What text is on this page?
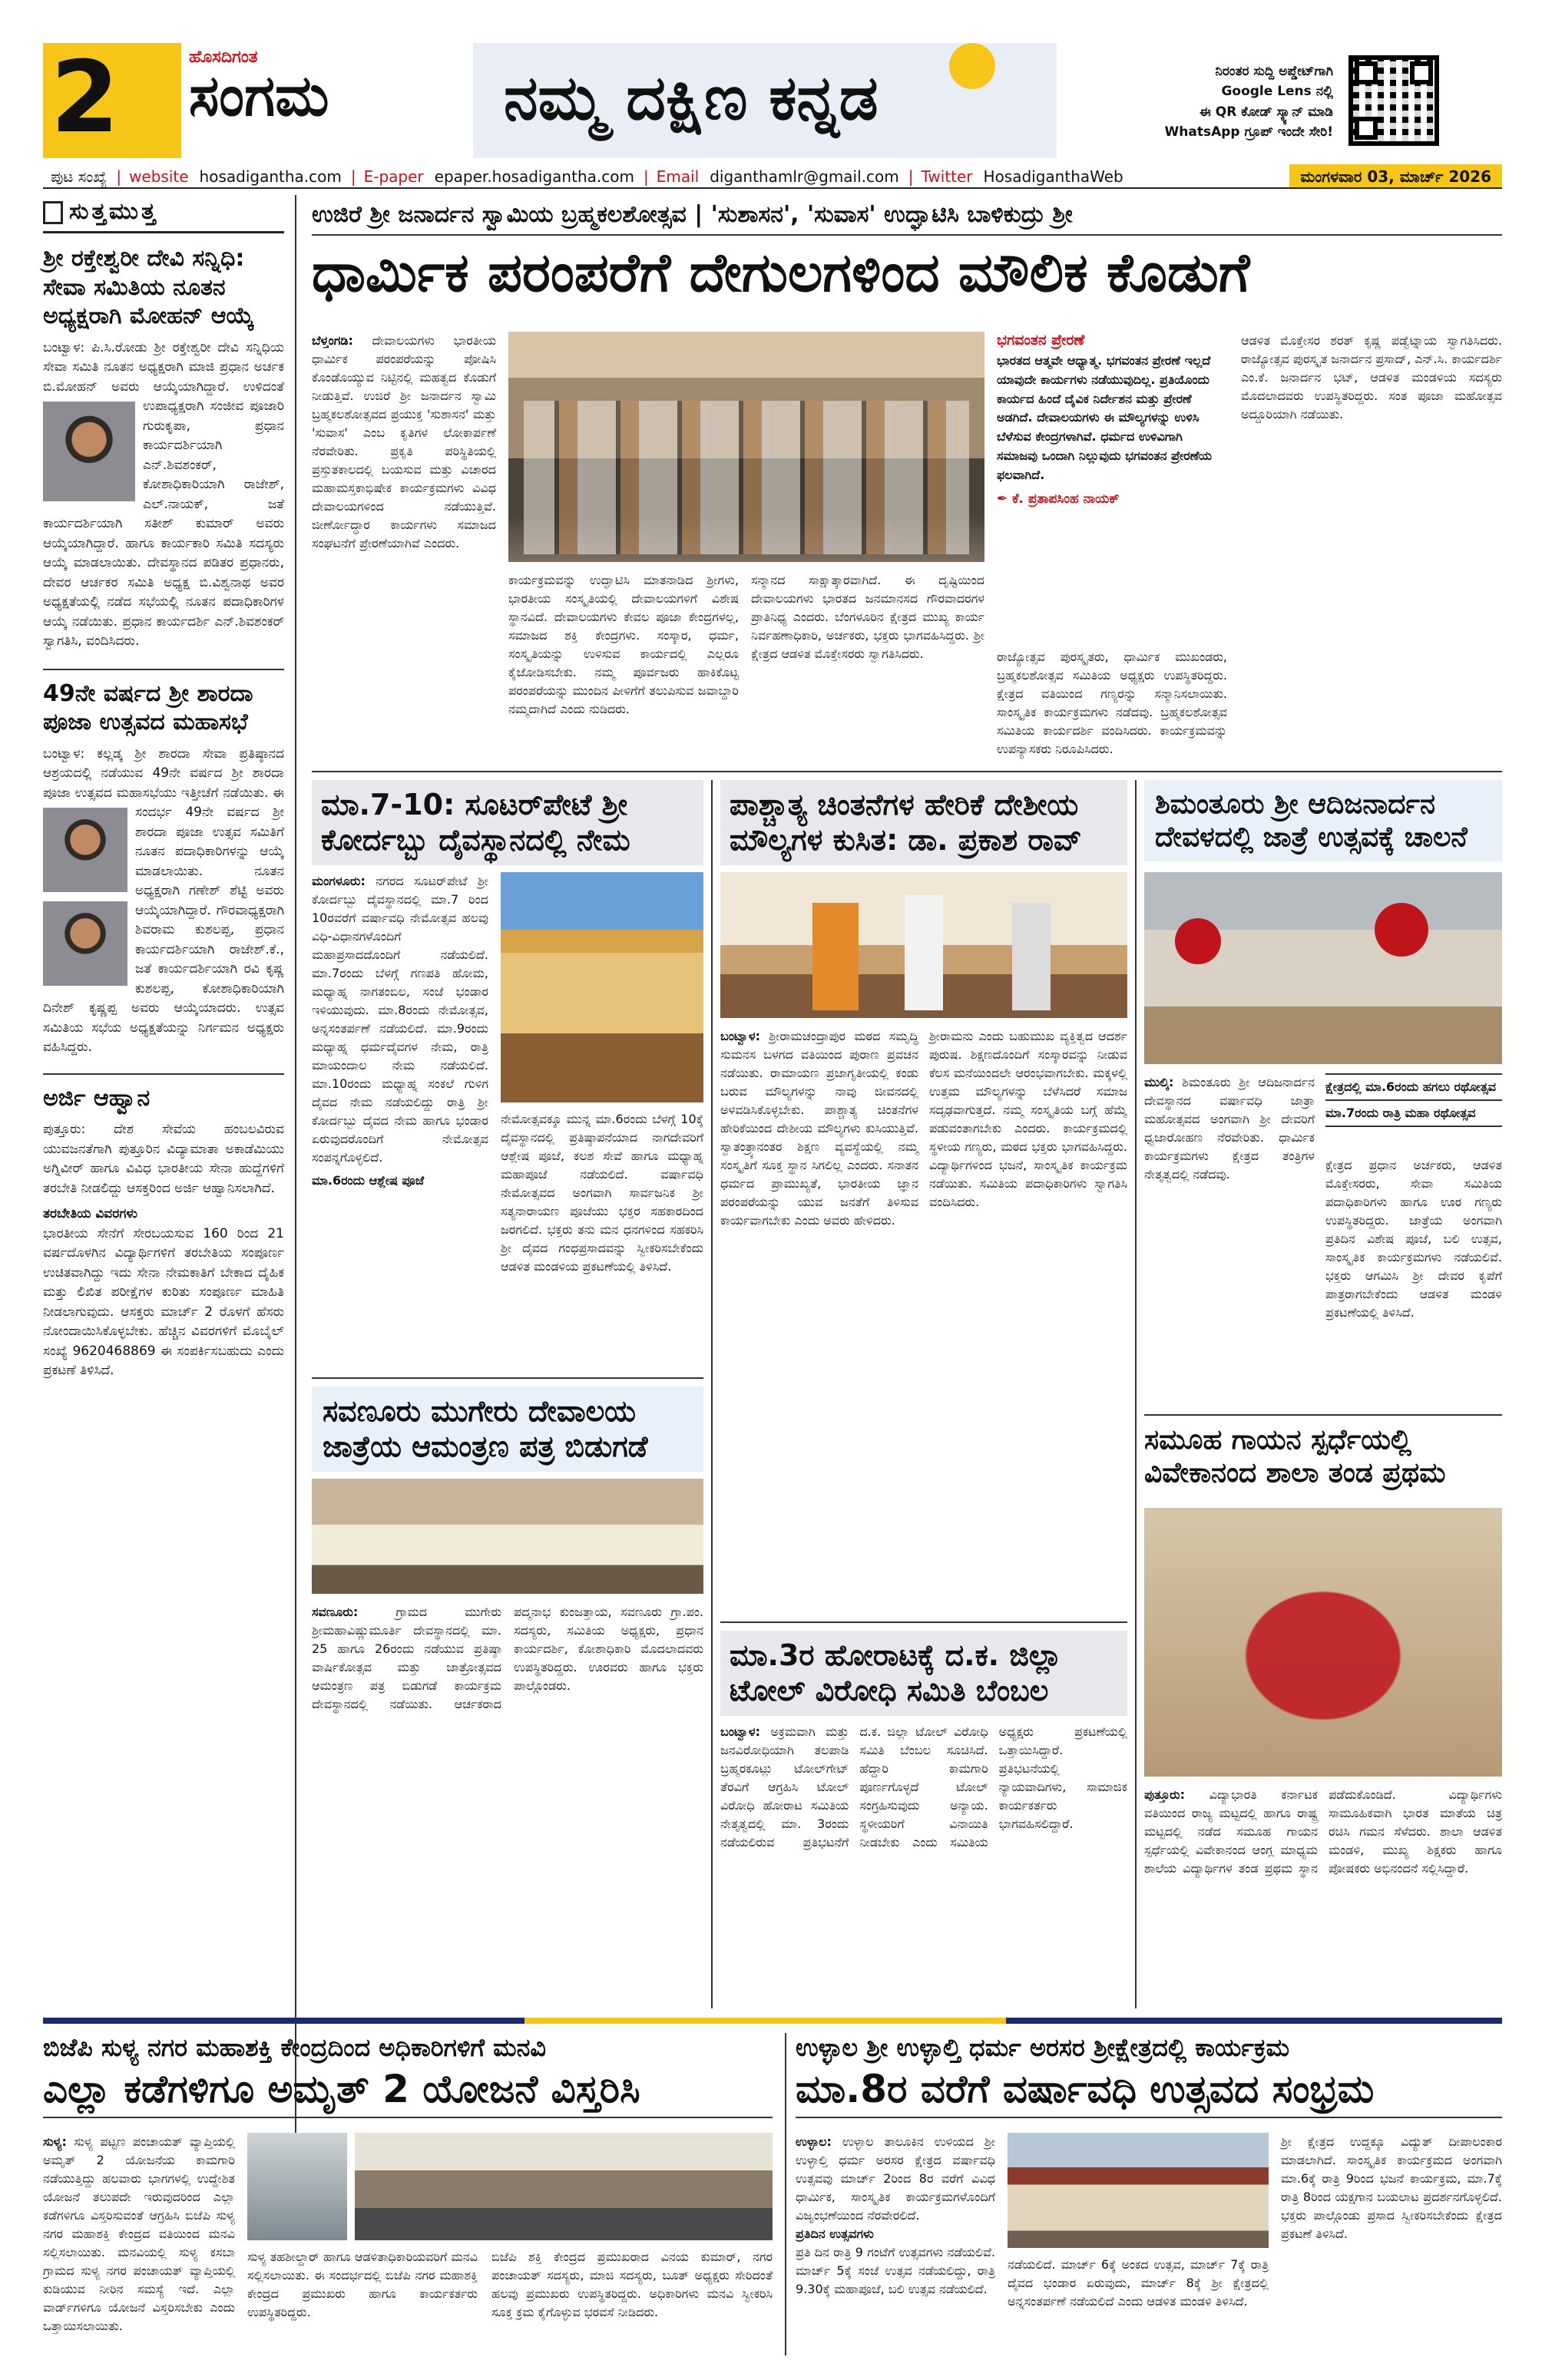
2	ಹೊಸದಿಗಂತ
ಸಂಗಮ	ನಮ್ಮ ದಕ್ಷಿಣ ಕನ್ನಡ	ನಿರಂತರ ಸುದ್ದಿ ಅಪ್ಡೇಟ್‌ಗಾಗಿ
Google Lens ನಲ್ಲಿ
ಈ QR ಕೋಡ್ ಸ್ಕ್ಯಾನ್ ಮಾಡಿ
WhatsApp ಗ್ರೂಪ್ ಇಂದೇ ಸೇರಿ!
ಪುಟ ಸಂಖ್ಯೆ | website hosadigantha.com | E-paper epaper.hosadigantha.com | Email diganthamlr@gmail.com | Twitter HosadiganthaWeb	ಮಂಗಳವಾರ 03, ಮಾರ್ಚ್ 2026
ಸುತ್ತಮುತ್ತ
ಶ್ರೀ ರಕ್ತೇಶ್ವರೀ ದೇವಿ ಸನ್ನಿಧಿ: ಸೇವಾ ಸಮಿತಿಯ ನೂತನ ಅಧ್ಯಕ್ಷರಾಗಿ ಮೋಹನ್ ಆಯ್ಕೆ
ಬಂಟ್ವಾಳ: ಪಿ.ಸಿ.ರೋಡು ಶ್ರೀ ರಕ್ತೇಶ್ವರೀ ದೇವಿ ಸನ್ನಿಧಿಯ ಸೇವಾ ಸಮಿತಿ ನೂತನ ಅಧ್ಯಕ್ಷರಾಗಿ ಮಾಜಿ ಪ್ರಧಾನ ಅರ್ಚಕ ಬಿ.ಮೋಹನ್ ಅವರು ಆಯ್ಕೆಯಾಗಿದ್ದಾರೆ. ಉಳಿದಂತೆ ಉಪಾಧ್ಯಕ್ಷರಾಗಿ ಸಂಜೀವ ಪೂಜಾರಿ ಗುರುಕೃಪಾ, ಪ್ರಧಾನ ಕಾರ್ಯದರ್ಶಿಯಾಗಿ ಎನ್.ಶಿವಶಂಕರ್, ಕೋಶಾಧಿಕಾರಿಯಾಗಿ ರಾಜೇಶ್, ಎಲ್.ನಾಯಕ್, ಜತೆ ಕಾರ್ಯದರ್ಶಿಯಾಗಿ ಸತೀಶ್ ಕುಮಾರ್ ಅವರು ಆಯ್ಕೆಯಾಗಿದ್ದಾರೆ. ಹಾಗೂ ಕಾರ್ಯಕಾರಿ ಸಮಿತಿ ಸದಸ್ಯರು ಆಯ್ಕೆ ಮಾಡಲಾಯಿತು. ದೇವಸ್ಥಾನದ ಪಡಿತರ ಪ್ರಧಾನರು, ದೇವರ ಆರ್ಚಕರ ಸಮಿತಿ ಅಧ್ಯಕ್ಷ ಬಿ.ವಿಶ್ವನಾಥ ಅವರ ಅಧ್ಯಕ್ಷತೆಯಲ್ಲಿ ನಡೆದ ಸಭೆಯಲ್ಲಿ ನೂತನ ಪದಾಧಿಕಾರಿಗಳ ಆಯ್ಕೆ ನಡೆಯಿತು. ಪ್ರಧಾನ ಕಾರ್ಯದರ್ಶಿ ಎನ್.ಶಿವಶಂಕರ್ ಸ್ವಾಗತಿಸಿ, ವಂದಿಸಿದರು.
49ನೇ ವರ್ಷದ ಶ್ರೀ ಶಾರದಾ ಪೂಜಾ ಉತ್ಸವದ ಮಹಾಸಭೆ
ಬಂಟ್ವಾಳ: ಕಲ್ಲಡ್ಕ ಶ್ರೀ ಶಾರದಾ ಸೇವಾ ಪ್ರತಿಷ್ಠಾನದ ಆಶ್ರಯದಲ್ಲಿ ನಡೆಯುವ 49ನೇ ವರ್ಷದ ಶ್ರೀ ಶಾರದಾ ಪೂಜಾ ಉತ್ಸವದ ಮಹಾಸಭೆಯು ಇತ್ತೀಚೆಗೆ ನಡೆಯಿತು. ಈ ಸಂದರ್ಭ 49ನೇ ವರ್ಷದ ಶ್ರೀ ಶಾರದಾ ಪೂಜಾ ಉತ್ಸವ ಸಮಿತಿಗೆ ನೂತನ ಪದಾಧಿಕಾರಿಗಳನ್ನು ಆಯ್ಕೆ ಮಾಡಲಾಯಿತು. ನೂತನ ಅಧ್ಯಕ್ಷರಾಗಿ ಗಣೇಶ್ ಶೆಟ್ಟಿ ಅವರು ಆಯ್ಕೆಯಾಗಿದ್ದಾರೆ. ಗೌರವಾಧ್ಯಕ್ಷರಾಗಿ ಶಿವರಾಮ ಕುಶಲಪ್ಪ, ಪ್ರಧಾನ ಕಾರ್ಯದರ್ಶಿಯಾಗಿ ರಾಜೇಶ್.ಕೆ., ಜತೆ ಕಾರ್ಯದರ್ಶಿಯಾಗಿ ರವಿ ಕೃಷ್ಣ ಕುಶಲಪ್ಪ, ಕೋಶಾಧಿಕಾರಿಯಾಗಿ ದಿನೇಶ್ ಕೃಷ್ಣಪ್ಪ ಅವರು ಆಯ್ಕೆಯಾದರು. ಉತ್ಸವ ಸಮಿತಿಯ ಸಭೆಯ ಅಧ್ಯಕ್ಷತೆಯನ್ನು ನಿರ್ಗಮನ ಅಧ್ಯಕ್ಷರು ವಹಿಸಿದ್ದರು.
ಅರ್ಜಿ ಆಹ್ವಾನ
ಪುತ್ತೂರು: ದೇಶ ಸೇವೆಯ ಹಂಬಲವಿರುವ ಯುವಜನತೆಗಾಗಿ ಪುತ್ತೂರಿನ ವಿದ್ಯಾಮಾತಾ ಅಕಾಡೆಮಿಯು ಅಗ್ನಿವೀರ್ ಹಾಗೂ ವಿವಿಧ ಭಾರತೀಯ ಸೇನಾ ಹುದ್ದೆಗಳಿಗೆ ತರಬೇತಿ ನೀಡಲಿದ್ದು ಆಸಕ್ತರಿಂದ ಅರ್ಜಿ ಆಹ್ವಾನಿಸಲಾಗಿದೆ.
ತರಬೇತಿಯ ವಿವರಗಳು
ಭಾರತೀಯ ಸೇನೆಗೆ ಸೇರಬಯಸುವ 160 ರಿಂದ 21 ವರ್ಷದೊಳಗಿನ ವಿದ್ಯಾರ್ಥಿಗಳಿಗೆ ತರಬೇತಿಯ ಸಂಪೂರ್ಣ ಉಚಿತವಾಗಿದ್ದು ಇದು ಸೇನಾ ನೇಮಕಾತಿಗೆ ಬೇಕಾದ ದೈಹಿಕ ಮತ್ತು ಲಿಖಿತ ಪರೀಕ್ಷೆಗಳ ಕುರಿತು ಸಂಪೂರ್ಣ ಮಾಹಿತಿ ನೀಡಲಾಗುವುದು. ಆಸಕ್ತರು ಮಾರ್ಚ್ 2 ರೊಳಗೆ ಹೆಸರು ನೋಂದಾಯಿಸಿಕೊಳ್ಳಬೇಕು. ಹೆಚ್ಚಿನ ವಿವರಗಳಿಗೆ ಮೊಬೈಲ್ ಸಂಖ್ಯೆ 9620468869 ಈ ಸಂಪರ್ಕಿಸಬಹುದು ಎಂದು ಪ್ರಕಟಣೆ ತಿಳಿಸಿದೆ.
ಉಜಿರೆ ಶ್ರೀ ಜನಾರ್ದನ ಸ್ವಾಮಿಯ ಬ್ರಹ್ಮಕಲಶೋತ್ಸವ | 'ಸುಶಾಸನ', 'ಸುವಾಸ' ಉದ್ಘಾಟಿಸಿ ಬಾಳಿಕುದ್ರು ಶ್ರೀ
ಧಾರ್ಮಿಕ ಪರಂಪರೆಗೆ ದೇಗುಲಗಳಿಂದ ಮೌಲಿಕ ಕೊಡುಗೆ
ಬೆಳ್ತಂಗಡಿ: ದೇವಾಲಯಗಳು ಭಾರತೀಯ ಧಾರ್ಮಿಕ ಪರಂಪರೆಯನ್ನು ಪೋಷಿಸಿ ಕೊಂಡೊಯ್ಯುವ ನಿಟ್ಟಿನಲ್ಲಿ ಮಹತ್ವದ ಕೊಡುಗೆ ನೀಡುತ್ತಿವೆ. ಉಜಿರೆ ಶ್ರೀ ಜನಾರ್ದನ ಸ್ವಾಮಿ ಬ್ರಹ್ಮಕಲಶೋತ್ಸವದ ಪ್ರಯುಕ್ತ 'ಸುಶಾಸನ' ಮತ್ತು 'ಸುವಾಸ' ಎಂಬ ಕೃತಿಗಳ ಲೋಕಾರ್ಪಣೆ ನೆರವೇರಿತು. ಪ್ರಕೃತಿ ಪರಿಸ್ಥಿತಿಯಲ್ಲಿ ಪ್ರಸ್ತುತಕಾಲದಲ್ಲಿ ಬಯಸುವ ಮತ್ತು ವಿಚಾರದ ಮಹಾಮಸ್ತಕಾಭಿಷೇಕ ಕಾರ್ಯಕ್ರಮಗಳು ವಿವಿಧ ದೇವಾಲಯಗಳಿಂದ ನಡೆಯುತ್ತಿವೆ. ಜೀರ್ಣೋದ್ಧಾರ ಕಾರ್ಯಗಳು ಸಮಾಜದ ಸಂಘಟನೆಗೆ ಪ್ರೇರಣೆಯಾಗಿವೆ ಎಂದರು.
ಕಾರ್ಯಕ್ರಮವನ್ನು ಉದ್ಘಾಟಿಸಿ ಮಾತನಾಡಿದ ಶ್ರೀಗಳು, ಭಾರತೀಯ ಸಂಸ್ಕೃತಿಯಲ್ಲಿ ದೇವಾಲಯಗಳಿಗೆ ವಿಶೇಷ ಸ್ಥಾನವಿದೆ. ದೇವಾಲಯಗಳು ಕೇವಲ ಪೂಜಾ ಕೇಂದ್ರಗಳಲ್ಲ, ಸಮಾಜದ ಶಕ್ತಿ ಕೇಂದ್ರಗಳು. ಸಂಸ್ಕಾರ, ಧರ್ಮ, ಸಂಸ್ಕೃತಿಯನ್ನು ಉಳಿಸುವ ಕಾರ್ಯದಲ್ಲಿ ಎಲ್ಲರೂ ಕೈಜೋಡಿಸಬೇಕು. ನಮ್ಮ ಪೂರ್ವಜರು ಹಾಕಿಕೊಟ್ಟ ಪರಂಪರೆಯನ್ನು ಮುಂದಿನ ಪೀಳಿಗೆಗೆ ತಲುಪಿಸುವ ಜವಾಬ್ದಾರಿ ನಮ್ಮದಾಗಿದೆ ಎಂದು ನುಡಿದರು.
ಸನ್ಮಾನದ ಸಾಕ್ಷಾತ್ಕಾರವಾಗಿದೆ. ಈ ದೃಷ್ಟಿಯಿಂದ ದೇವಾಲಯಗಳು ಭಾರತದ ಜನಮಾನಸದ ಗೌರವಾದರಗಳ ಪ್ರಾತಿನಿಧ್ಯ ಎಂದರು. ಬೆಂಗಳೂರಿನ ಕ್ಷೇತ್ರದ ಮುಖ್ಯ ಕಾರ್ಯ ನಿರ್ವಹಣಾಧಿಕಾರಿ, ಅರ್ಚಕರು, ಭಕ್ತರು ಭಾಗವಹಿಸಿದ್ದರು. ಶ್ರೀ ಕ್ಷೇತ್ರದ ಆಡಳಿತ ಮೊಕ್ತೇಸರರು ಸ್ವಾಗತಿಸಿದರು.
ಭಗವಂತನ ಪ್ರೇರಣೆ
ಭಾರತದ ಆತ್ಮವೇ ಆಧ್ಯಾತ್ಮ. ಭಗವಂತನ ಪ್ರೇರಣೆ ಇಲ್ಲದೆ ಯಾವುದೇ ಕಾರ್ಯಗಳು ನಡೆಯುವುದಿಲ್ಲ. ಪ್ರತಿಯೊಂದು ಕಾರ್ಯದ ಹಿಂದೆ ದೈವಿಕ ನಿರ್ದೇಶನ ಮತ್ತು ಪ್ರೇರಣೆ ಅಡಗಿದೆ. ದೇವಾಲಯಗಳು ಈ ಮೌಲ್ಯಗಳನ್ನು ಉಳಿಸಿ ಬೆಳೆಸುವ ಕೇಂದ್ರಗಳಾಗಿವೆ. ಧರ್ಮದ ಉಳಿವಿಗಾಗಿ ಸಮಾಜವು ಒಂದಾಗಿ ನಿಲ್ಲುವುದು ಭಗವಂತನ ಪ್ರೇರಣೆಯ ಫಲವಾಗಿದೆ.
✒ ಕೆ. ಪ್ರತಾಪಸಿಂಹ ನಾಯಕ್
ರಾಜ್ಯೋತ್ಸವ ಪುರಸ್ಕೃತರು, ಧಾರ್ಮಿಕ ಮುಖಂಡರು, ಬ್ರಹ್ಮಕಲಶೋತ್ಸವ ಸಮಿತಿಯ ಅಧ್ಯಕ್ಷರು ಉಪಸ್ಥಿತರಿದ್ದರು. ಕ್ಷೇತ್ರದ ವತಿಯಿಂದ ಗಣ್ಯರನ್ನು ಸನ್ಮಾನಿಸಲಾಯಿತು. ಸಾಂಸ್ಕೃತಿಕ ಕಾರ್ಯಕ್ರಮಗಳು ನಡೆದವು. ಬ್ರಹ್ಮಕಲಶೋತ್ಸವ ಸಮಿತಿಯ ಕಾರ್ಯದರ್ಶಿ ವಂದಿಸಿದರು. ಕಾರ್ಯಕ್ರಮವನ್ನು ಉಪನ್ಯಾಸಕರು ನಿರೂಪಿಸಿದರು.
ಆಡಳಿತ ಮೊಕ್ತೇಸರ ಶರತ್ ಕೃಷ್ಣ ಪಡ್ವೆಟ್ನಾಯ ಸ್ವಾಗತಿಸಿದರು. ರಾಜ್ಯೋತ್ಸವ ಪುರಸ್ಕೃತ ಜನಾರ್ದನ ಪ್ರಸಾದ್, ಎನ್.ಸಿ. ಕಾರ್ಯದರ್ಶಿ ಎಂ.ಕೆ. ಜನಾರ್ದನ ಭಟ್, ಆಡಳಿತ ಮಂಡಳಿಯ ಸದಸ್ಯರು ಮೊದಲಾದವರು ಉಪಸ್ಥಿತರಿದ್ದರು. ಸಂತ ಪೂಜಾ ಮಹೋತ್ಸವ ಅದ್ದೂರಿಯಾಗಿ ನಡೆಯಿತು.
ಮಾ.7-10: ಸೂಟರ್‌ಪೇಟೆ ಶ್ರೀ ಕೋರ್ದಬ್ಬು ದೈವಸ್ಥಾನದಲ್ಲಿ ನೇಮ
ಮಂಗಳೂರು: ನಗರದ ಸೂಟರ್‌ಪೇಟೆ ಶ್ರೀ ಕೋರ್ದಬ್ಬು ದೈವಸ್ಥಾನದಲ್ಲಿ ಮಾ.7 ರಿಂದ 10ರವರೆಗೆ ವರ್ಷಾವಧಿ ನೇಮೋತ್ಸವ ಹಲವು ವಿಧಿ-ವಿಧಾನಗಳೊಂದಿಗೆ ಮಹಾಪ್ರಸಾದದೊಂದಿಗೆ ನಡೆಯಲಿದೆ. ಮಾ.7ರಂದು ಬೆಳಗ್ಗೆ ಗಣಪತಿ ಹೋಮ, ಮಧ್ಯಾಹ್ನ ನಾಗತಂಬಿಲ, ಸಂಜೆ ಭಂಡಾರ ಇಳಿಯುವುದು. ಮಾ.8ರಂದು ನೇಮೋತ್ಸವ, ಅನ್ನಸಂತರ್ಪಣೆ ನಡೆಯಲಿದೆ. ಮಾ.9ರಂದು ಮಧ್ಯಾಹ್ನ ಧರ್ಮದೈವಗಳ ನೇಮ, ರಾತ್ರಿ ಮಾಯಂದಾಲ ನೇಮ ನಡೆಯಲಿದೆ. ಮಾ.10ರಂದು ಮಧ್ಯಾಹ್ನ ಸಂಕಲೆ ಗುಳಿಗ ದೈವದ ನೇಮ ನಡೆಯಲಿದ್ದು ರಾತ್ರಿ ಶ್ರೀ ಕೋರ್ದಬ್ಬು ದೈವದ ನೇಮ ಹಾಗೂ ಭಂಡಾರ ಏರುವುದರೊಂದಿಗೆ ನೇಮೋತ್ಸವ ಸಂಪನ್ನಗೊಳ್ಳಲಿದೆ.
ಮಾ.6ರಂದು ಆಶ್ಲೇಷ ಪೂಜೆ
ನೇಮೋತ್ಸವಕ್ಕೂ ಮುನ್ನ ಮಾ.6ರಂದು ಬೆಳಗ್ಗೆ 10ಕ್ಕೆ ದೈವಸ್ಥಾನದಲ್ಲಿ ಪ್ರತಿಷ್ಠಾಪನೆಯಾದ ನಾಗದೇವರಿಗೆ ಆಶ್ಲೇಷ ಪೂಜೆ, ಕಲಶ ಸೇವೆ ಹಾಗೂ ಮಧ್ಯಾಹ್ನ ಮಹಾಪೂಜೆ ನಡೆಯಲಿದೆ. ವರ್ಷಾವಧಿ ನೇಮೋತ್ಸವದ ಅಂಗವಾಗಿ ಸಾರ್ವಜನಿಕ ಶ್ರೀ ಸತ್ಯನಾರಾಯಣ ಪೂಜೆಯು ಭಕ್ತರ ಸಹಕಾರದಿಂದ ಜರಗಲಿದೆ. ಭಕ್ತರು ತನು ಮನ ಧನಗಳಿಂದ ಸಹಕರಿಸಿ ಶ್ರೀ ದೈವದ ಗಂಧಪ್ರಸಾದವನ್ನು ಸ್ವೀಕರಿಸಬೇಕೆಂದು ಆಡಳಿತ ಮಂಡಳಿಯ ಪ್ರಕಟಣೆಯಲ್ಲಿ ತಿಳಿಸಿದೆ.
ಪಾಶ್ಚಾತ್ಯ ಚಿಂತನೆಗಳ ಹೇರಿಕೆ ದೇಶೀಯ ಮೌಲ್ಯಗಳ ಕುಸಿತ: ಡಾ. ಪ್ರಕಾಶ ರಾವ್
ಬಂಟ್ವಾಳ: ಶ್ರೀರಾಮಚಂದ್ರಾಪುರ ಮಠದ ಸಮೃದ್ಧಿ ಸುಮನಸ ಬಳಗದ ವತಿಯಿಂದ ಪುರಾಣ ಪ್ರವಚನ ನಡೆಯಿತು. ರಾಮಾಯಣ ಪ್ರಜಾಗೃತೀಯಲ್ಲಿ ಕಂಡು ಬರುವ ಮೌಲ್ಯಗಳನ್ನು ನಾವು ಜೀವನದಲ್ಲಿ ಅಳವಡಿಸಿಕೊಳ್ಳಬೇಕು. ಪಾಶ್ಚಾತ್ಯ ಚಿಂತನೆಗಳ ಹೇರಿಕೆಯಿಂದ ದೇಶೀಯ ಮೌಲ್ಯಗಳು ಕುಸಿಯುತ್ತಿವೆ. ಸ್ವಾತಂತ್ರ್ಯಾನಂತರ ಶಿಕ್ಷಣ ವ್ಯವಸ್ಥೆಯಲ್ಲಿ ನಮ್ಮ ಸಂಸ್ಕೃತಿಗೆ ಸೂಕ್ತ ಸ್ಥಾನ ಸಿಗಲಿಲ್ಲ ಎಂದರು. ಸನಾತನ ಧರ್ಮದ ಪ್ರಾಮುಖ್ಯತೆ, ಭಾರತೀಯ ಜ್ಞಾನ ಪರಂಪರೆಯನ್ನು ಯುವ ಜನತೆಗೆ ತಿಳಿಸುವ ಕಾರ್ಯವಾಗಬೇಕು ಎಂದು ಅವರು ಹೇಳಿದರು.
ಶ್ರೀರಾಮನು ಎಂದು ಬಹುಮುಖ ವ್ಯಕ್ತಿತ್ವದ ಆದರ್ಶ ಪುರುಷ. ಶಿಕ್ಷಣದೊಂದಿಗೆ ಸಂಸ್ಕಾರವನ್ನು ನೀಡುವ ಕೆಲಸ ಮನೆಯಿಂದಲೇ ಆರಂಭವಾಗಬೇಕು. ಮಕ್ಕಳಲ್ಲಿ ಉತ್ತಮ ಮೌಲ್ಯಗಳನ್ನು ಬೆಳೆಸಿದರೆ ಸಮಾಜ ಸದೃಢವಾಗುತ್ತದೆ. ನಮ್ಮ ಸಂಸ್ಕೃತಿಯ ಬಗ್ಗೆ ಹೆಮ್ಮೆ ಪಡುವಂತಾಗಬೇಕು ಎಂದರು. ಕಾರ್ಯಕ್ರಮದಲ್ಲಿ ಸ್ಥಳೀಯ ಗಣ್ಯರು, ಮಠದ ಭಕ್ತರು ಭಾಗವಹಿಸಿದ್ದರು. ವಿದ್ಯಾರ್ಥಿಗಳಿಂದ ಭಜನೆ, ಸಾಂಸ್ಕೃತಿಕ ಕಾರ್ಯಕ್ರಮ ನಡೆಯಿತು. ಸಮಿತಿಯ ಪದಾಧಿಕಾರಿಗಳು ಸ್ವಾಗತಿಸಿ ವಂದಿಸಿದರು.
ಶಿಮಂತೂರು ಶ್ರೀ ಆದಿಜನಾರ್ದನ ದೇವಳದಲ್ಲಿ ಜಾತ್ರೆ ಉತ್ಸವಕ್ಕೆ ಚಾಲನೆ
ಮುಲ್ಕಿ: ಶಿಮಂತೂರು ಶ್ರೀ ಆದಿಜನಾರ್ದನ ದೇವಸ್ಥಾನದ ವರ್ಷಾವಧಿ ಜಾತ್ರಾ ಮಹೋತ್ಸವದ ಅಂಗವಾಗಿ ಶ್ರೀ ದೇವರಿಗೆ ಧ್ವಜಾರೋಹಣ ನೆರವೇರಿತು. ಧಾರ್ಮಿಕ ಕಾರ್ಯಕ್ರಮಗಳು ಕ್ಷೇತ್ರದ ತಂತ್ರಿಗಳ ನೇತೃತ್ವದಲ್ಲಿ ನಡೆದವು.
ಕ್ಷೇತ್ರದಲ್ಲಿ ಮಾ.6ರಂದು ಹಗಲು ರಥೋತ್ಸವ
ಮಾ.7ರಂದು ರಾತ್ರಿ ಮಹಾ ರಥೋತ್ಸವ
ಕ್ಷೇತ್ರದ ಪ್ರಧಾನ ಅರ್ಚಕರು, ಆಡಳಿತ ಮೊಕ್ತೇಸರರು, ಸೇವಾ ಸಮಿತಿಯ ಪದಾಧಿಕಾರಿಗಳು ಹಾಗೂ ಊರ ಗಣ್ಯರು ಉಪಸ್ಥಿತರಿದ್ದರು. ಜಾತ್ರೆಯ ಅಂಗವಾಗಿ ಪ್ರತಿದಿನ ವಿಶೇಷ ಪೂಜೆ, ಬಲಿ ಉತ್ಸವ, ಸಾಂಸ್ಕೃತಿಕ ಕಾರ್ಯಕ್ರಮಗಳು ನಡೆಯಲಿವೆ. ಭಕ್ತರು ಆಗಮಿಸಿ ಶ್ರೀ ದೇವರ ಕೃಪೆಗೆ ಪಾತ್ರರಾಗಬೇಕೆಂದು ಆಡಳಿತ ಮಂಡಳಿ ಪ್ರಕಟಣೆಯಲ್ಲಿ ತಿಳಿಸಿದೆ.
ಸವಣೂರು ಮುಗೇರು ದೇವಾಲಯ ಜಾತ್ರೆಯ ಆಮಂತ್ರಣ ಪತ್ರ ಬಿಡುಗಡೆ
ಸವಣೂರು:	ಗ್ರಾಮದ ಮುಗೇರು ಶ್ರೀಮಹಾವಿಷ್ಣುಮೂರ್ತಿ ದೇವಸ್ಥಾನದಲ್ಲಿ ಮಾ. 25 ಹಾಗೂ 26ರಂದು ನಡೆಯುವ ಪ್ರತಿಷ್ಠಾ ವಾರ್ಷಿಕೋತ್ಸವ ಮತ್ತು ಜಾತ್ರೋತ್ಸವದ ಆಮಂತ್ರಣ ಪತ್ರ ಬಿಡುಗಡೆ ಕಾರ್ಯಕ್ರಮ ದೇವಸ್ಥಾನದಲ್ಲಿ ನಡೆಯಿತು. ಆರ್ಚಕರಾದ ಪದ್ಮನಾಭ ಕುಂಜತ್ತಾಯ, ಸವಣೂರು ಗ್ರಾ.ಪಂ. ಸದಸ್ಯರು, ಸಮಿತಿಯ ಅಧ್ಯಕ್ಷರು, ಪ್ರಧಾನ ಕಾರ್ಯದರ್ಶಿ, ಕೋಶಾಧಿಕಾರಿ ಮೊದಲಾದವರು ಉಪಸ್ಥಿತರಿದ್ದರು. ಊರವರು ಹಾಗೂ ಭಕ್ತರು ಪಾಲ್ಗೊಂಡರು.
ಮಾ.3ರ ಹೋರಾಟಕ್ಕೆ ದ.ಕ. ಜಿಲ್ಲಾ ಟೋಲ್ ವಿರೋಧಿ ಸಮಿತಿ ಬೆಂಬಲ
ಬಂಟ್ವಾಳ: ಅಕ್ರಮವಾಗಿ ಮತ್ತು ಜನವಿರೋಧಿಯಾಗಿ ತಲಪಾಡಿ ಬ್ರಹ್ಮರಕೂಟ್ಲು ಟೋಲ್‌ಗೇಟ್ ತೆರವಿಗೆ ಆಗ್ರಹಿಸಿ ಟೋಲ್ ವಿರೋಧಿ ಹೋರಾಟ ಸಮಿತಿಯ ನೇತೃತ್ವದಲ್ಲಿ ಮಾ. 3ರಂದು ನಡೆಯಲಿರುವ ಪ್ರತಿಭಟನೆಗೆ ದ.ಕ. ಜಿಲ್ಲಾ ಟೋಲ್ ವಿರೋಧಿ ಸಮಿತಿ ಬೆಂಬಲ ಸೂಚಿಸಿದೆ. ಹೆದ್ದಾರಿ ಕಾಮಗಾರಿ ಪೂರ್ಣಗೊಳ್ಳದೆ ಟೋಲ್ ಸಂಗ್ರಹಿಸುವುದು ಅನ್ಯಾಯ. ಸ್ಥಳೀಯರಿಗೆ ವಿನಾಯಿತಿ ನೀಡಬೇಕು ಎಂದು ಸಮಿತಿಯ ಅಧ್ಯಕ್ಷರು ಪ್ರಕಟಣೆಯಲ್ಲಿ ಒತ್ತಾಯಿಸಿದ್ದಾರೆ. ಪ್ರತಿಭಟನೆಯಲ್ಲಿ ನ್ಯಾಯವಾದಿಗಳು, ಸಾಮಾಜಿಕ ಕಾರ್ಯಕರ್ತರು ಭಾಗವಹಿಸಲಿದ್ದಾರೆ.
ಸಮೂಹ ಗಾಯನ ಸ್ಪರ್ಧೆಯಲ್ಲಿ ವಿವೇಕಾನಂದ ಶಾಲಾ ತಂಡ ಪ್ರಥಮ
ಪುತ್ತೂರು: ವಿದ್ಯಾಭಾರತಿ ಕರ್ನಾಟಕ ವತಿಯಿಂದ ರಾಜ್ಯ ಮಟ್ಟದಲ್ಲಿ ಹಾಗೂ ರಾಷ್ಟ್ರ ಮಟ್ಟದಲ್ಲಿ ನಡೆದ ಸಮೂಹ ಗಾಯನ ಸ್ಪರ್ಧೆಯಲ್ಲಿ ವಿವೇಕಾನಂದ ಆಂಗ್ಲ ಮಾಧ್ಯಮ ಶಾಲೆಯ ವಿದ್ಯಾರ್ಥಿಗಳ ತಂಡ ಪ್ರಥಮ ಸ್ಥಾನ ಪಡೆದುಕೊಂಡಿದೆ. ವಿದ್ಯಾರ್ಥಿಗಳು ಸಾಮೂಹಿಕವಾಗಿ ಭಾರತ ಮಾತೆಯ ಚಿತ್ರ ರಚಿಸಿ ಗಮನ ಸೆಳೆದರು. ಶಾಲಾ ಆಡಳಿತ ಮಂಡಳಿ, ಮುಖ್ಯ ಶಿಕ್ಷಕರು ಹಾಗೂ ಪೋಷಕರು ಅಭಿನಂದನೆ ಸಲ್ಲಿಸಿದ್ದಾರೆ.
ಬಿಜೆಪಿ ಸುಳ್ಯ ನಗರ ಮಹಾಶಕ್ತಿ ಕೇಂದ್ರದಿಂದ ಅಧಿಕಾರಿಗಳಿಗೆ ಮನವಿ
ಎಲ್ಲಾ ಕಡೆಗಳಿಗೂ ಅಮೃತ್ 2 ಯೋಜನೆ ವಿಸ್ತರಿಸಿ
ಸುಳ್ಯ: ಸುಳ್ಯ ಪಟ್ಟಣ ಪಂಚಾಯತ್ ವ್ಯಾಪ್ತಿಯಲ್ಲಿ ಅಮೃತ್ 2 ಯೋಜನೆಯ ಕಾಮಗಾರಿ ನಡೆಯುತ್ತಿದ್ದು ಹಲವಾರು ಭಾಗಗಳಲ್ಲಿ ಉದ್ದೇಶಿತ ಯೋಜನೆ ತಲುಪದೇ ಇರುವುದರಿಂದ ಎಲ್ಲಾ ಕಡೆಗಳಿಗೂ ವಿಸ್ತರಿಸುವಂತೆ ಆಗ್ರಹಿಸಿ ಬಿಜೆಪಿ ಸುಳ್ಯ ನಗರ ಮಹಾಶಕ್ತಿ ಕೇಂದ್ರದ ವತಿಯಿಂದ ಮನವಿ ಸಲ್ಲಿಸಲಾಯಿತು. ಮನವಿಯಲ್ಲಿ ಸುಳ್ಯ ಕಸಬಾ ಗ್ರಾಮದ ಸುಳ್ಯ ನಗರ ಪಂಚಾಯತ್ ವ್ಯಾಪ್ತಿಯಲ್ಲಿ ಕುಡಿಯುವ ನೀರಿನ ಸಮಸ್ಯೆ ಇದೆ. ಎಲ್ಲಾ ವಾರ್ಡ್‌ಗಳಿಗೂ ಯೋಜನೆ ವಿಸ್ತರಿಸಬೇಕು ಎಂದು ಒತ್ತಾಯಿಸಲಾಯಿತು.
ಸುಳ್ಯ ತಹಶೀಲ್ದಾರ್ ಹಾಗೂ ಆಡಳಿತಾಧಿಕಾರಿಯವರಿಗೆ ಮನವಿ ಸಲ್ಲಿಸಲಾಯಿತು. ಈ ಸಂದರ್ಭದಲ್ಲಿ ಬಿಜೆಪಿ ನಗರ ಮಹಾಶಕ್ತಿ ಕೇಂದ್ರದ ಪ್ರಮುಖರು ಹಾಗೂ ಕಾರ್ಯಕರ್ತರು ಉಪಸ್ಥಿತರಿದ್ದರು.
ಬಿಜೆಪಿ ಶಕ್ತಿ ಕೇಂದ್ರದ ಪ್ರಮುಖರಾದ ವಿನಯ ಕುಮಾರ್, ನಗರ ಪಂಚಾಯತ್ ಸದಸ್ಯರು, ಮಾಜಿ ಸದಸ್ಯರು, ಬೂತ್ ಅಧ್ಯಕ್ಷರು ಸೇರಿದಂತೆ ಹಲವು ಪ್ರಮುಖರು ಉಪಸ್ಥಿತರಿದ್ದರು. ಅಧಿಕಾರಿಗಳು ಮನವಿ ಸ್ವೀಕರಿಸಿ ಸೂಕ್ತ ಕ್ರಮ ಕೈಗೊಳ್ಳುವ ಭರವಸೆ ನೀಡಿದರು.
ಉಳ್ಳಾಲ ಶ್ರೀ ಉಳ್ಳಾಲ್ತಿ ಧರ್ಮ ಅರಸರ ಶ್ರೀಕ್ಷೇತ್ರದಲ್ಲಿ ಕಾರ್ಯಕ್ರಮ
ಮಾ.8ರ ವರೆಗೆ ವರ್ಷಾವಧಿ ಉತ್ಸವದ ಸಂಭ್ರಮ
ಉಳ್ಳಾಲ: ಉಳ್ಳಾಲ ತಾಲೂಕಿನ ಉಳಿಯದ ಶ್ರೀ ಉಳ್ಳಾಲ್ತಿ ಧರ್ಮ ಅರಸರ ಕ್ಷೇತ್ರದ ವರ್ಷಾವಧಿ ಉತ್ಸವವು ಮಾರ್ಚ್ 2ರಿಂದ 8ರ ವರೆಗೆ ವಿವಿಧ ಧಾರ್ಮಿಕ, ಸಾಂಸ್ಕೃತಿಕ ಕಾರ್ಯಕ್ರಮಗಳೊಂದಿಗೆ ವಿಜೃಂಭಣೆಯಿಂದ ನೆರವೇರಲಿದೆ.
ಪ್ರತಿದಿನ ಉತ್ಸವಗಳು
ಪ್ರತಿ ದಿನ ರಾತ್ರಿ 9 ಗಂಟೆಗೆ ಉತ್ಸವಗಳು ನಡೆಯಲಿವೆ. ಮಾರ್ಚ್ 5ಕ್ಕೆ ಸಂಜೆ ಉತ್ಸವ ನಡೆಯಲಿದ್ದು, ರಾತ್ರಿ 9.30ಕ್ಕೆ ಮಹಾಪೂಜೆ, ಬಲಿ ಉತ್ಸವ ನಡೆಯಲಿದೆ.
ನಡೆಯಲಿದೆ. ಮಾರ್ಚ್ 6ಕ್ಕೆ ಅಂಕದ ಉತ್ಸವ, ಮಾರ್ಚ್ 7ಕ್ಕೆ ರಾತ್ರಿ ದೈವದ ಭಂಡಾರ ಏರುವುದು, ಮಾರ್ಚ್ 8ಕ್ಕೆ ಶ್ರೀ ಕ್ಷೇತ್ರದಲ್ಲಿ ಅನ್ನಸಂತರ್ಪಣೆ ನಡೆಯಲಿದೆ ಎಂದು ಆಡಳಿತ ಮಂಡಳಿ ತಿಳಿಸಿದೆ.
ಶ್ರೀ ಕ್ಷೇತ್ರದ ಉದ್ದಕ್ಕೂ ವಿದ್ಯುತ್ ದೀಪಾಲಂಕಾರ ಮಾಡಲಾಗಿದೆ. ಸಾಂಸ್ಕೃತಿಕ ಕಾರ್ಯಕ್ರಮದ ಅಂಗವಾಗಿ ಮಾ.6ಕ್ಕೆ ರಾತ್ರಿ 9ರಿಂದ ಭಜನೆ ಕಾರ್ಯಕ್ರಮ, ಮಾ.7ಕ್ಕೆ ರಾತ್ರಿ 8ರಿಂದ ಯಕ್ಷಗಾನ ಬಯಲಾಟ ಪ್ರದರ್ಶನಗೊಳ್ಳಲಿದೆ. ಭಕ್ತರು ಪಾಲ್ಗೊಂಡು ಪ್ರಸಾದ ಸ್ವೀಕರಿಸಬೇಕೆಂದು ಕ್ಷೇತ್ರದ ಪ್ರಕಟಣೆ ತಿಳಿಸಿದೆ.
